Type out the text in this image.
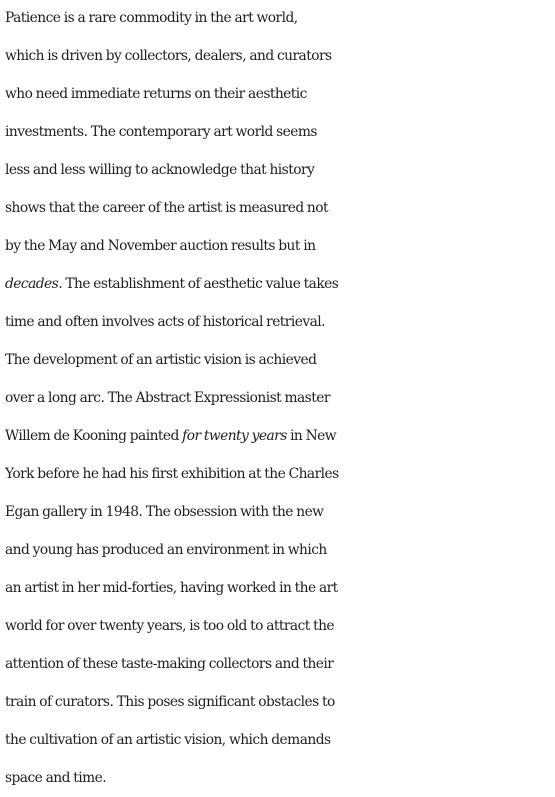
Patience is a rare commodity in the art world,
which is driven by collectors, dealers, and curators
who need immediate returns on their aesthetic
investments. The contemporary art world seems
less and less willing to acknowledge that history
shows that the career of the artist is measured not
by the May and November auction results but in
decades. The establishment of aesthetic value takes
time and often involves acts of historical retrieval.
The development of an artistic vision is achieved
over a long arc. The Abstract Expressionist master
Willem de Kooning painted for twenty years in New
York before he had his first exhibition at the Charles
Egan gallery in 1948. The obsession with the new
and young has produced an environment in which
an artist in her mid-forties, having worked in the art
world for over twenty years, is too old to attract the
attention of these taste-making collectors and their
train of curators. This poses significant obstacles to
the cultivation of an artistic vision, which demands
space and time.
